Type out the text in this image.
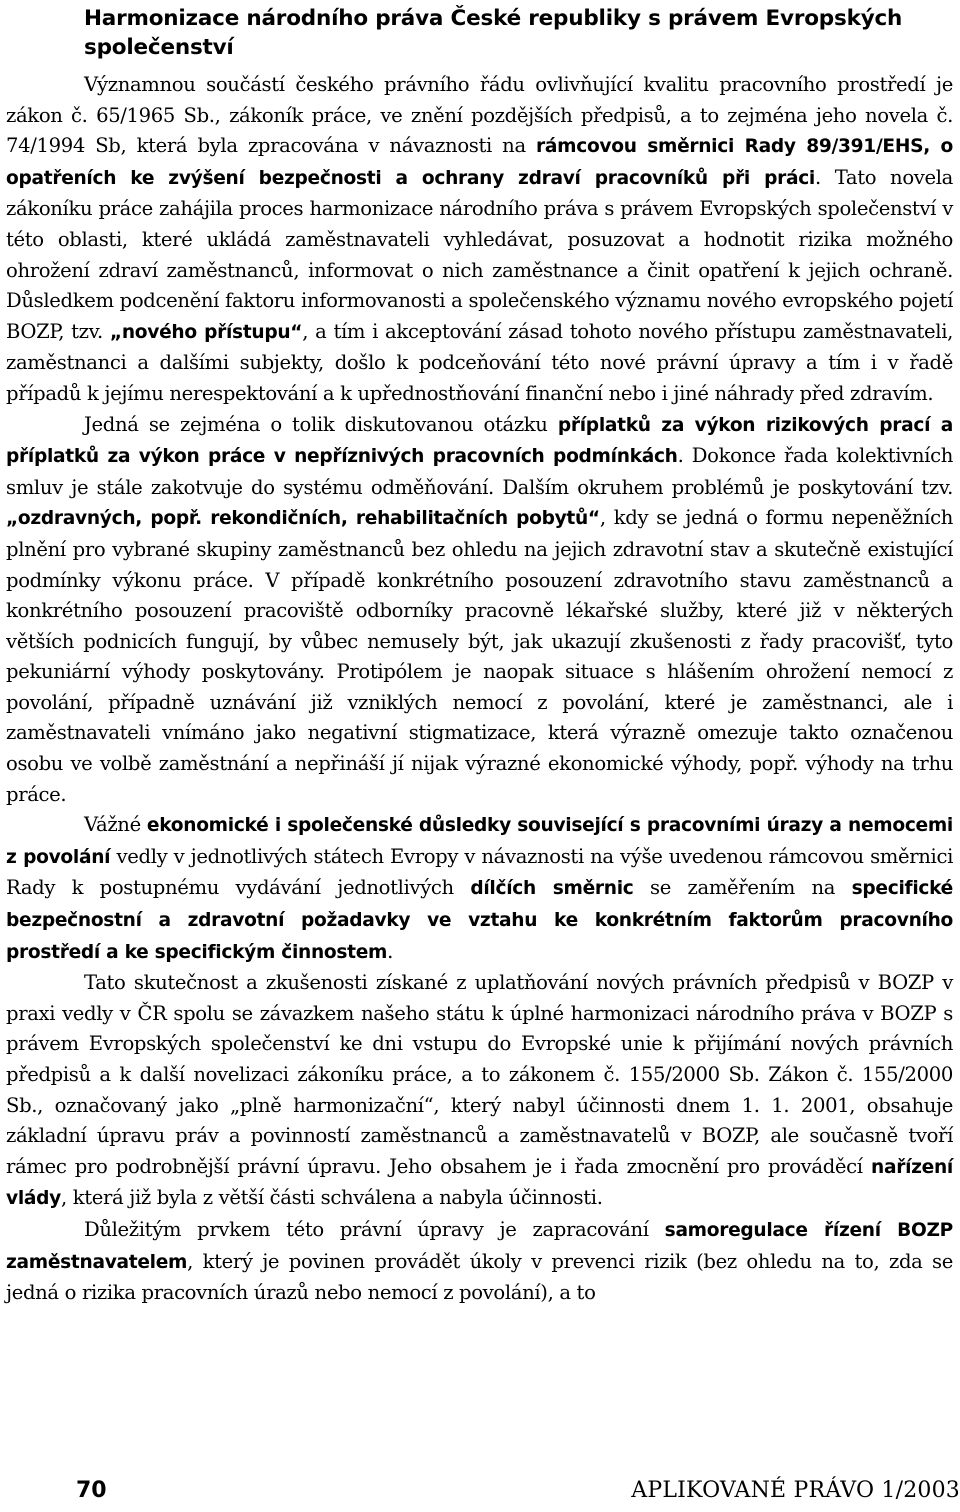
Harmonizace národního práva České republiky s právem Evropských společenství

Významnou součástí českého právního řádu ovlivňující kvalitu pracovního prostředí je zákon č. 65/1965 Sb., zákoník práce, ve znění pozdějších předpisů, a to zejména jeho novela č. 74/1994 Sb, která byla zpracována v návaznosti na rámcovou směrnici Rady 89/391/EHS, o opatřeních ke zvýšení bezpečnosti a ochrany zdraví pracovníků při práci. Tato novela zákoníku práce zahájila proces harmonizace národního práva s právem Evropských společenství v této oblasti, které ukládá zaměstnavateli vyhledávat, posuzovat a hodnotit rizika možného ohrožení zdraví zaměstnanců, informovat o nich zaměstnance a činit opatření k jejich ochraně. Důsledkem podcenění faktoru informovanosti a společenského významu nového evropského pojetí BOZP, tzv. „nového přístupu“, a tím i akceptování zásad tohoto nového přístupu zaměstnavateli, zaměstnanci a dalšími subjekty, došlo k podceňování této nové právní úpravy a tím i v řadě případů k jejímu nerespektování a k upřednostňování finanční nebo i jiné náhrady před zdravím.

Jedná se zejména o tolik diskutovanou otázku příplatků za výkon rizikových prací a příplatků za výkon práce v nepříznivých pracovních podmínkách. Dokonce řada kolektivních smluv je stále zakotvuje do systému odměňování. Dalším okruhem problémů je poskytování tzv. „ozdravných, popř. rekondičních, rehabilitačních pobytů“, kdy se jedná o formu nepeněžních plnění pro vybrané skupiny zaměstnanců bez ohledu na jejich zdravotní stav a skutečně existující podmínky výkonu práce. V případě konkrétního posouzení zdravotního stavu zaměstnanců a konkrétního posouzení pracoviště odborníky pracovně lékařské služby, které již v některých větších podnicích fungují, by vůbec nemusely být, jak ukazují zkušenosti z řady pracovišť, tyto pekuniární výhody poskytovány. Protipólem je naopak situace s hlášením ohrožení nemocí z povolání, případně uznávání již vzniklých nemocí z povolání, které je zaměstnanci, ale i zaměstnavateli vnímáno jako negativní stigmatizace, která výrazně omezuje takto označenou osobu ve volbě zaměstnání a nepřináší jí nijak výrazné ekonomické výhody, popř. výhody na trhu práce.

Vážné ekonomické i společenské důsledky související s pracovními úrazy a nemocemi z povolání vedly v jednotlivých státech Evropy v návaznosti na výše uvedenou rámcovou směrnici Rady k postupnému vydávání jednotlivých dílčích směrnic se zaměřením na specifické bezpečnostní a zdravotní požadavky ve vztahu ke konkrétním faktorům pracovního prostředí a ke specifickým činnostem.

Tato skutečnost a zkušenosti získané z uplatňování nových právních předpisů v BOZP v praxi vedly v ČR spolu se závazkem našeho státu k úplné harmonizaci národního práva v BOZP s právem Evropských společenství ke dni vstupu do Evropské unie k přijímání nových právních předpisů a k další novelizaci zákoníku práce, a to zákonem č. 155/2000 Sb. Zákon č. 155/2000 Sb., označovaný jako „plně harmonizační“, který nabyl účinnosti dnem 1. 1. 2001, obsahuje základní úpravu práv a povinností zaměstnanců a zaměstnavatelů v BOZP, ale současně tvoří rámec pro podrobnější právní úpravu. Jeho obsahem je i řada zmocnění pro prováděcí nařízení vlády, která již byla z větší části schválena a nabyla účinnosti.

Důležitým prvkem této právní úpravy je zapracování samoregulace řízení BOZP zaměstnavatelem, který je povinen provádět úkoly v prevenci rizik (bez ohledu na to, zda se jedná o rizika pracovních úrazů nebo nemocí z povolání), a to

70	APLIKOVANÉ PRÁVO 1/2003
